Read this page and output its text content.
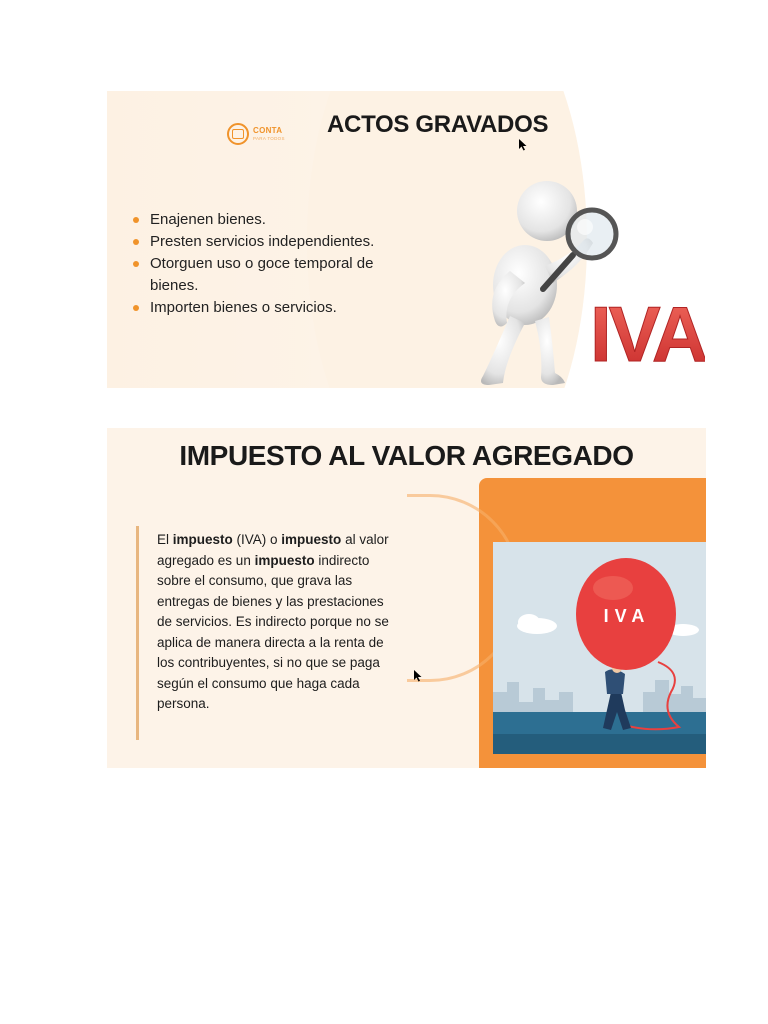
CONTA
PARA TODOS
ACTOS GRAVADOS
Enajenen bienes.
Presten servicios independientes.
Otorguen uso o goce temporal de bienes.
Importen bienes o servicios.	IVA
IMPUESTO AL VALOR AGREGADO

El impuesto (IVA) o impuesto al valor agregado es un impuesto indirecto sobre el consumo, que grava las entregas de bienes y las prestaciones de servicios. Es indirecto porque no se aplica de manera directa a la renta de los contribuyentes, si no que se paga según el consumo que haga cada persona.

IVA
